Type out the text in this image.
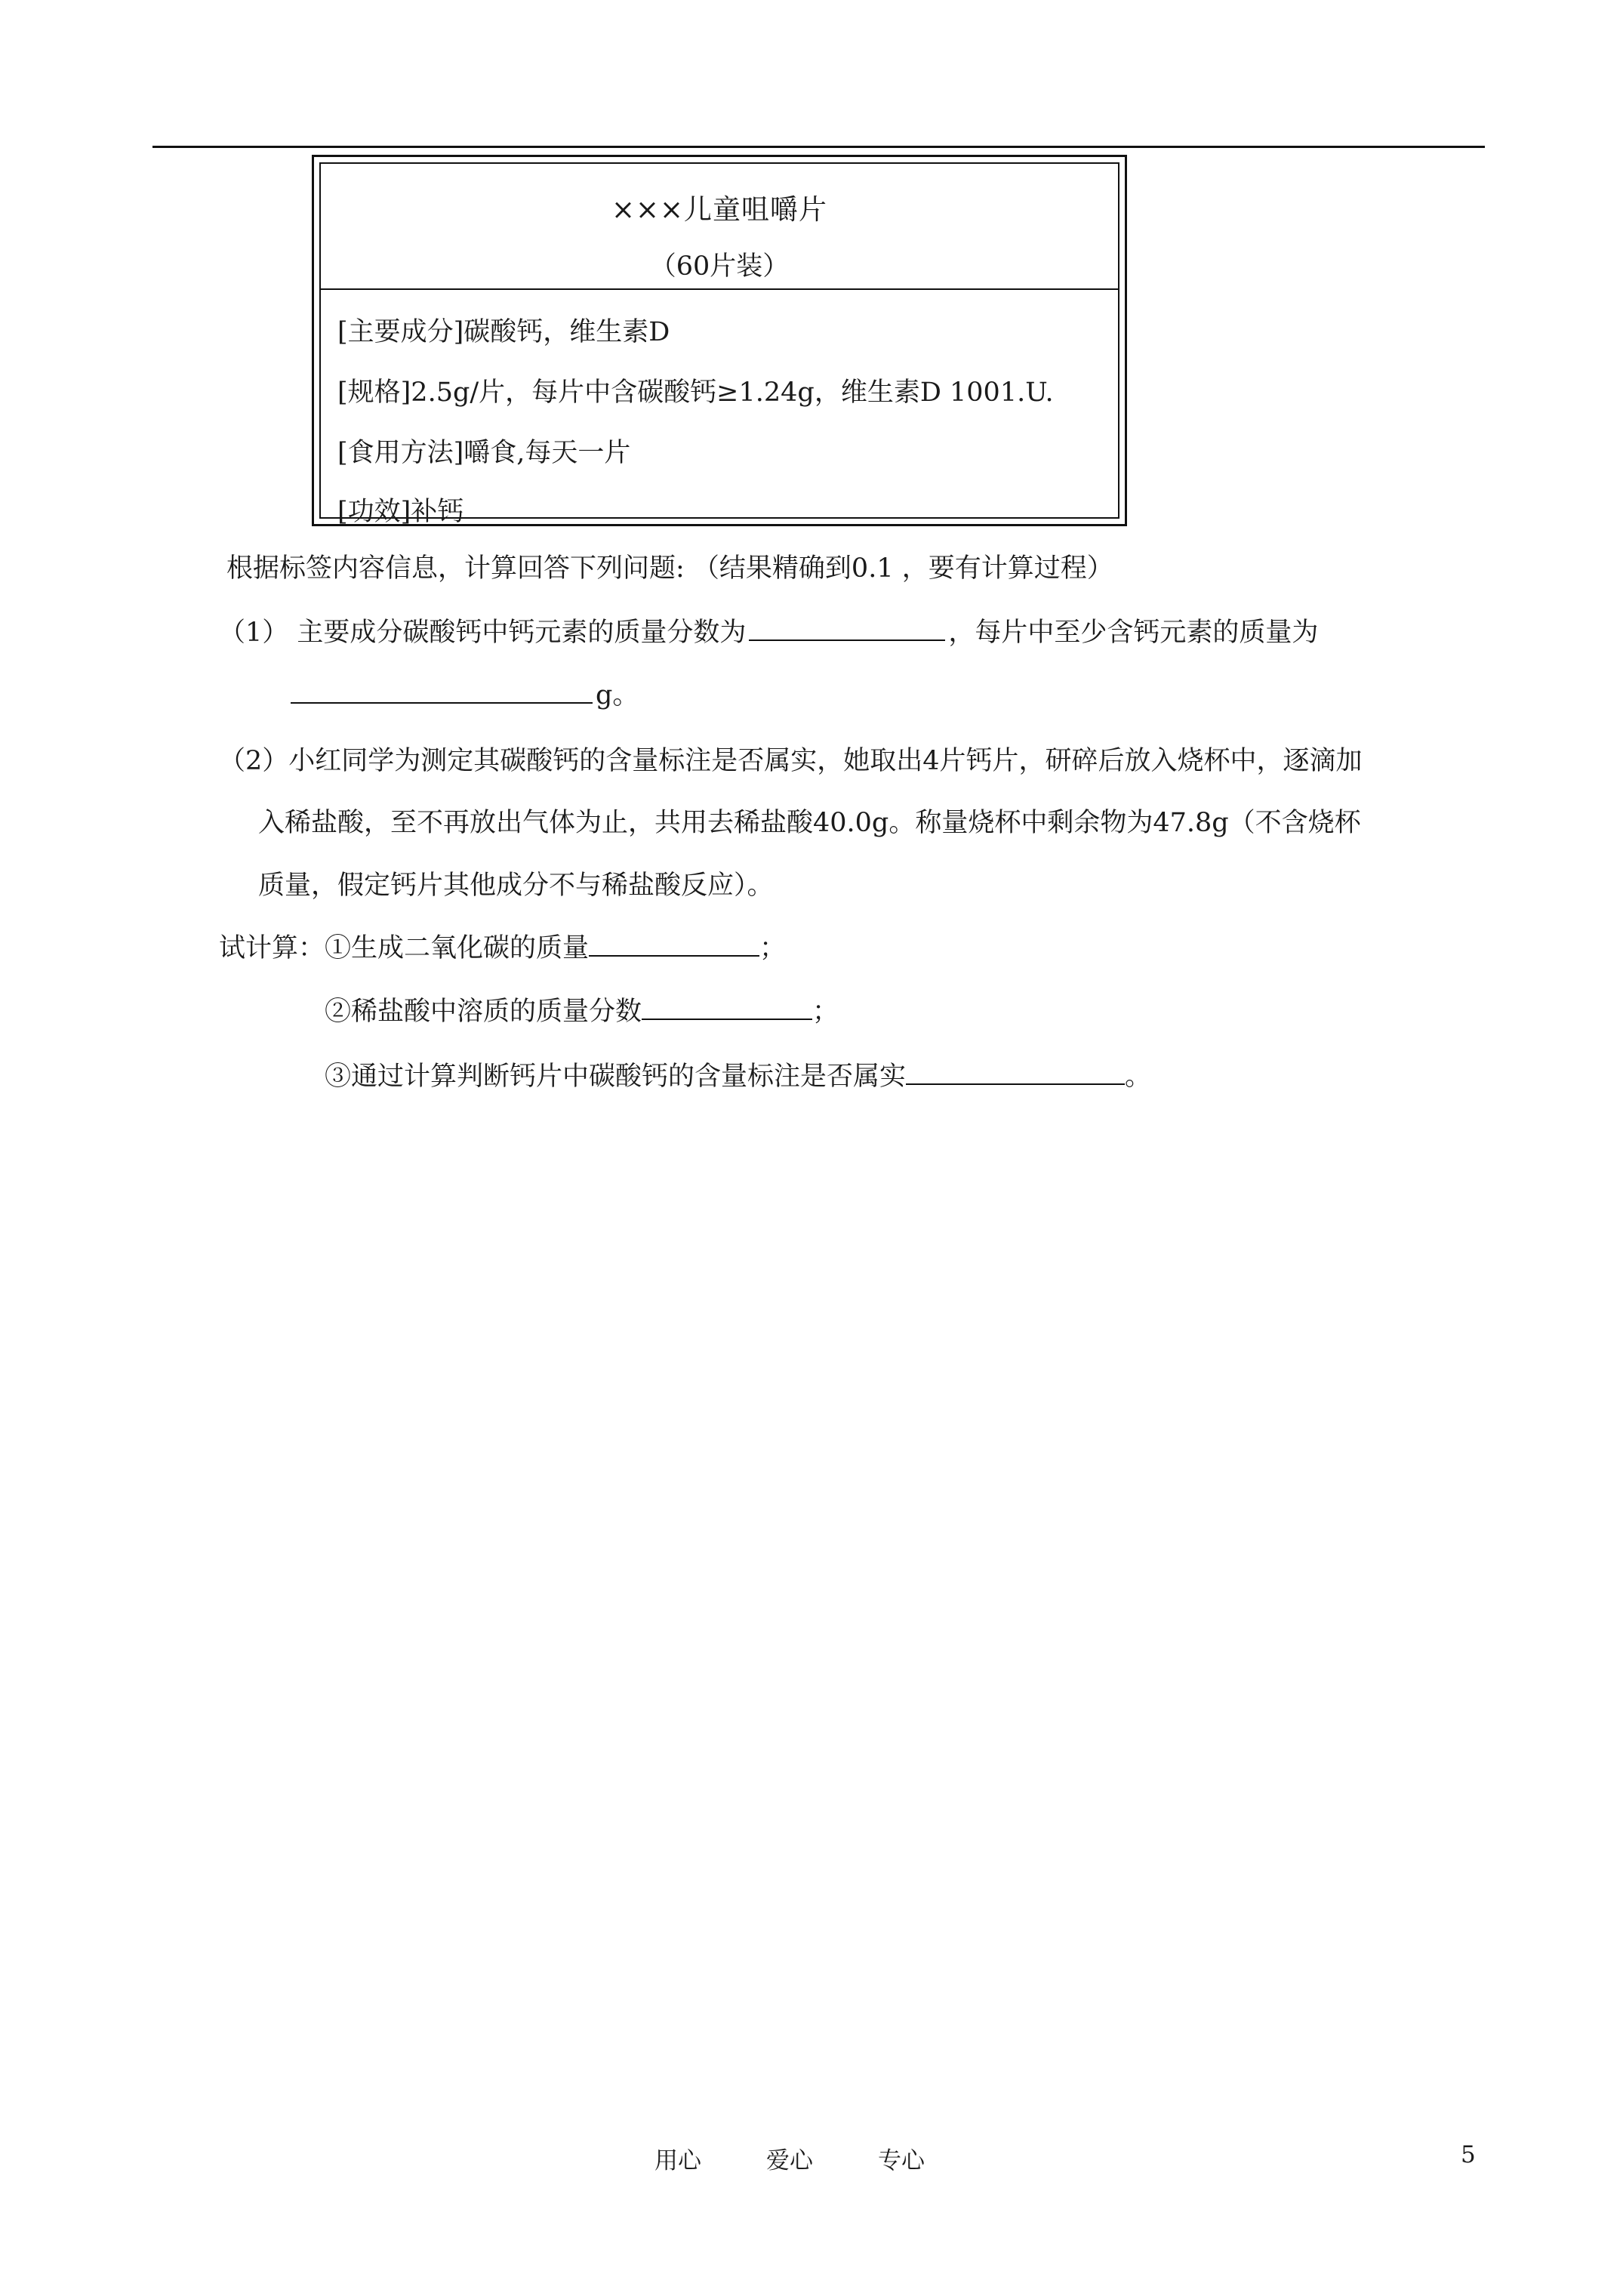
×××儿童咀嚼片
（60片装）
[主要成分]碳酸钙，维生素D
[规格]2.5g/片，每片中含碳酸钙≥1.24g，维生素D 1001.U.
[食用方法]嚼食,每天一片
[功效]补钙
根据标签内容信息，计算回答下列问题: （结果精确到0.1 ，要有计算过程）
（1） 主要成分碳酸钙中钙元素的质量分数为	，每片中至少含钙元素的质量为
g。
（2）小红同学为测定其碳酸钙的含量标注是否属实，她取出4片钙片，研碎后放入烧杯中，逐滴加
入稀盐酸，至不再放出气体为止，共用去稀盐酸40.0g。称量烧杯中剩余物为47.8g（不含烧杯
质量，假定钙片其他成分不与稀盐酸反应）。
试计算：①生成二氧化碳的质量	；
②稀盐酸中溶质的质量分数	；
③通过计算判断钙片中碳酸钙的含量标注是否属实	。
用心	爱心	专心	5
